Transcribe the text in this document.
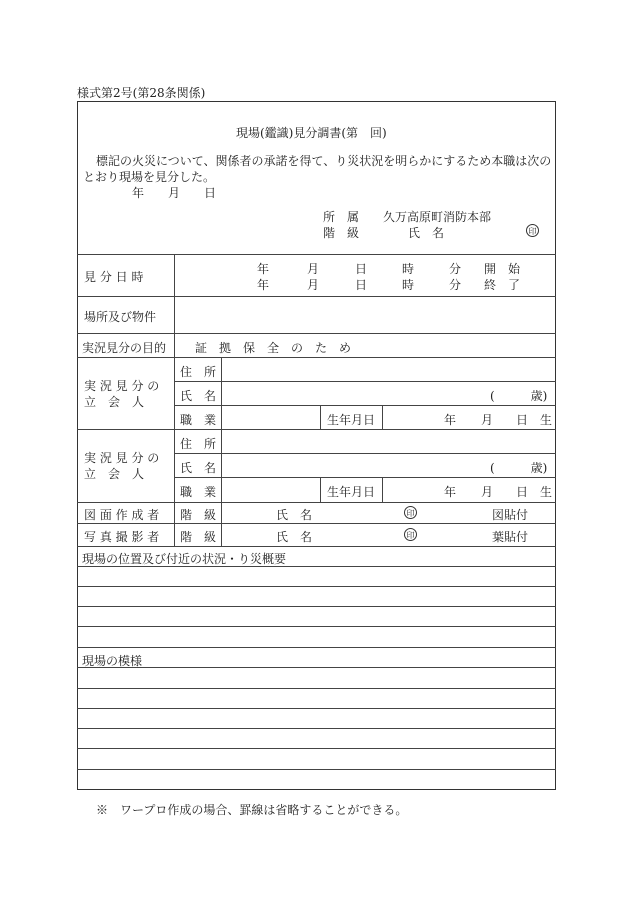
様式第2号(第28条関係)
現場(鑑識)見分調書(第　回)
標記の火災について、関係者の承諾を得て、り災状況を明らかにするため本職は次の
とおり現場を見分した。
年　　月　　日
所　属 久万高原町消防本部
階　級	氏　名	印
見 分 日 時
年	月	日	時	分 開　始
年	月	日	時	分 終　了
場所及び物件
実況見分の目的 証　拠　保　全　の　た　め
実 況 見 分 の
立　会　人
住　所
氏　名	(　　　歳)
職　業	生年月日	年 月 日　生
実 況 見 分 の
立　会　人
住　所
氏　名	(　　　歳)
職　業	生年月日	年 月 日　生
図 面 作 成 者 階　級	氏　名	印	図貼付
写 真 撮 影 者 階　級	氏　名	印	葉貼付
現場の位置及び付近の状況・り災概要
現場の模様
※　ワープロ作成の場合、罫線は省略することができる。
